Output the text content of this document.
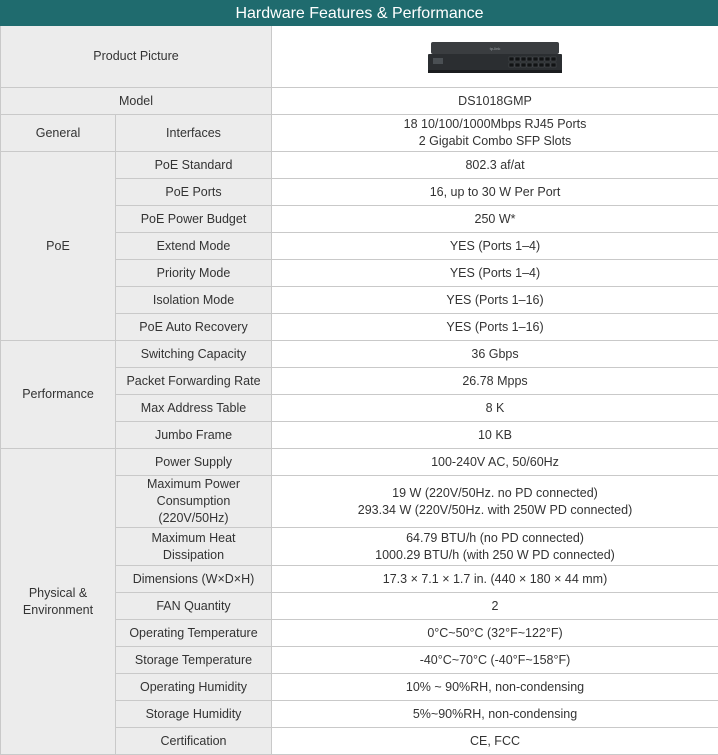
Hardware Features & Performance		
Product Picture		tp-link

Model		DS1018GMP
General	Interfaces	18 10/100/1000Mbps RJ45 Ports
2 Gigabit Combo SFP Slots

PoE	PoE Standard	802.3 af/at
	PoE Ports	16, up to 30 W Per Port
	PoE Power Budget	250 W*
	Extend Mode	YES (Ports 1–4)
	Priority Mode	YES (Ports 1–4)
	Isolation Mode	YES (Ports 1–16)
	PoE Auto Recovery	YES (Ports 1–16)
Performance	Switching Capacity	36 Gbps
	Packet Forwarding Rate	26.78 Mpps
	Max Address Table	8 K
	Jumbo Frame	10 KB

Physical &
Environment	Power Supply	100-240V AC, 50/60Hz

	Maximum Power
Consumption (220V/50Hz)	19 W (220V/50Hz. no PD connected)
293.34 W (220V/50Hz. with 250W PD connected)

	Maximum Heat Dissipation	64.79 BTU/h (no PD connected)
1000.29 BTU/h (with 250 W PD connected)

	Dimensions (W×D×H)	17.3 × 7.1 × 1.7 in. (440 × 180 × 44 mm)
	FAN Quantity	2
	Operating Temperature	0°C~50°C (32°F~122°F)
	Storage Temperature	-40°C~70°C (-40°F~158°F)
	Operating Humidity	10% ~ 90%RH, non-condensing
	Storage Humidity	5%~90%RH, non-condensing
	Certification	CE, FCC
